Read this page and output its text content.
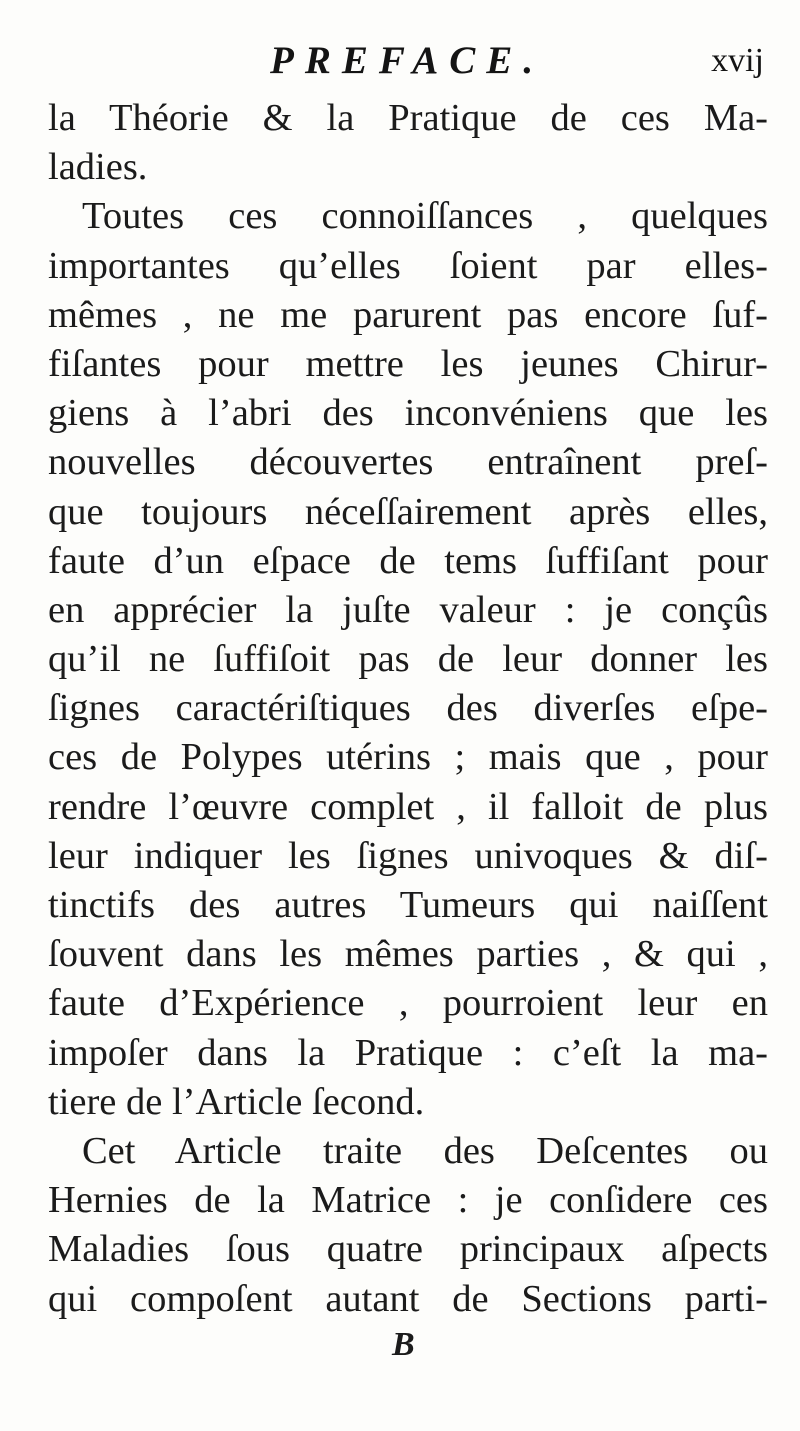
PREFACE.	xvij
la Théorie & la Pratique de ces Ma-
ladies.
Toutes ces connoiſſances , quelques
importantes qu’elles ſoient par elles-
mêmes , ne me parurent pas encore ſuf-
fiſantes pour mettre les jeunes Chirur-
giens à l’abri des inconvéniens que les
nouvelles découvertes entraînent preſ-
que toujours néceſſairement après elles,
faute d’un eſpace de tems ſuffiſant pour
en apprécier la juſte valeur : je conçûs
qu’il ne ſuffiſoit pas de leur donner les
ſignes caractériſtiques des diverſes eſpe-
ces de Polypes utérins ; mais que , pour
rendre l’œuvre complet , il falloit de plus
leur indiquer les ſignes univoques & diſ-
tinctifs des autres Tumeurs qui naiſſent
ſouvent dans les mêmes parties , & qui ,
faute d’Expérience , pourroient leur en
impoſer dans la Pratique : c’eſt la ma-
tiere de l’Article ſecond.
Cet Article traite des Deſcentes ou
Hernies de la Matrice : je conſidere ces
Maladies ſous quatre principaux aſpects
qui compoſent autant de Sections parti-
B
